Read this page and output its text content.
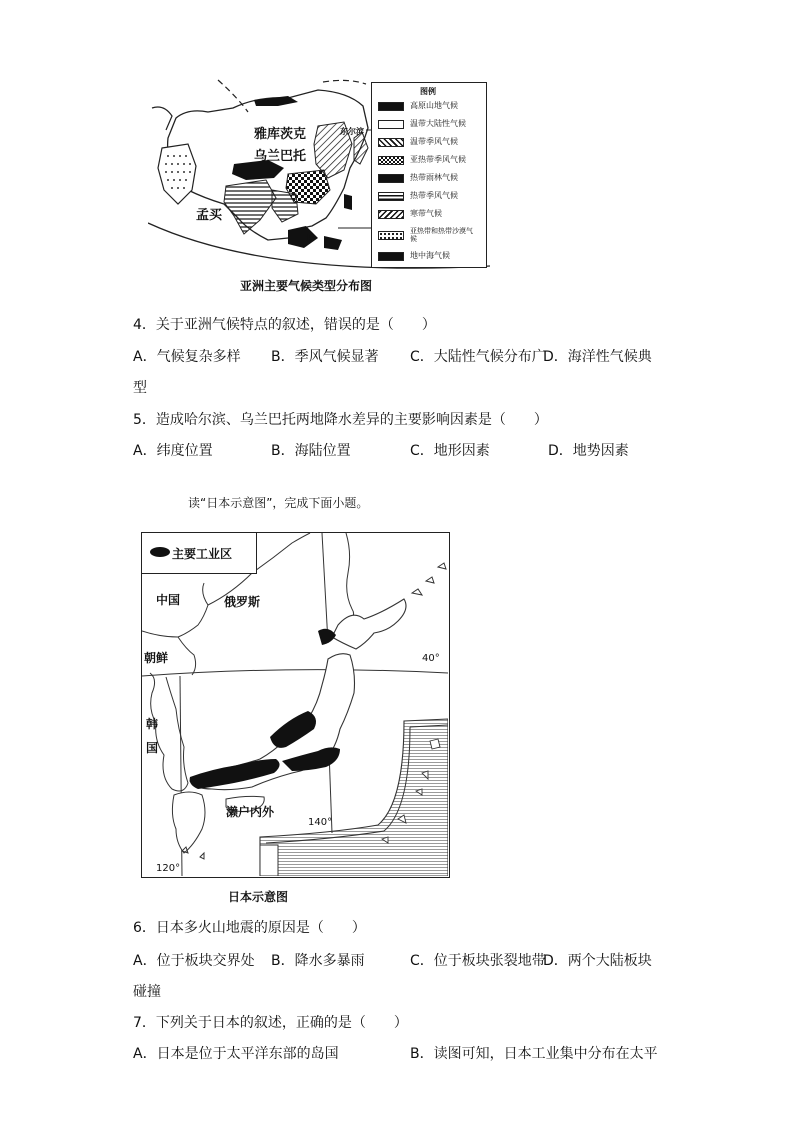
雅库茨克	东尔滨
乌兰巴托
孟买
B
图例
高原山地气候
温带大陆性气候
温带季风气候
亚热带季风气候
热带雨林气候
热带季风气候
寒带气候
亚热带和热带沙漠气候
地中海气候
亚洲主要气候类型分布图
4．关于亚洲气候特点的叙述，错误的是（　　）
A．气候复杂多样 B．季风气候显著 C．大陆性气候分布广
D．海洋性气候典
型
5．造成哈尔滨、乌兰巴托两地降水差异的主要影响因素是（　　）
A．纬度位置	B．海陆位置	C．地形因素	D．地势因素
读“日本示意图”，完成下面小题。
主要工业区
中国	俄罗斯
朝鲜
韩
国
濑户内外
40°
140°
120°
日本示意图
6．日本多火山地震的原因是（　　）
A．位于板块交界处 B．降水多暴雨	C．位于板块张裂地带
D．两个大陆板块
碰撞
7．下列关于日本的叙述，正确的是（　　）
A．日本是位于太平洋东部的岛国	B．读图可知，日本工业集中分布在太平
